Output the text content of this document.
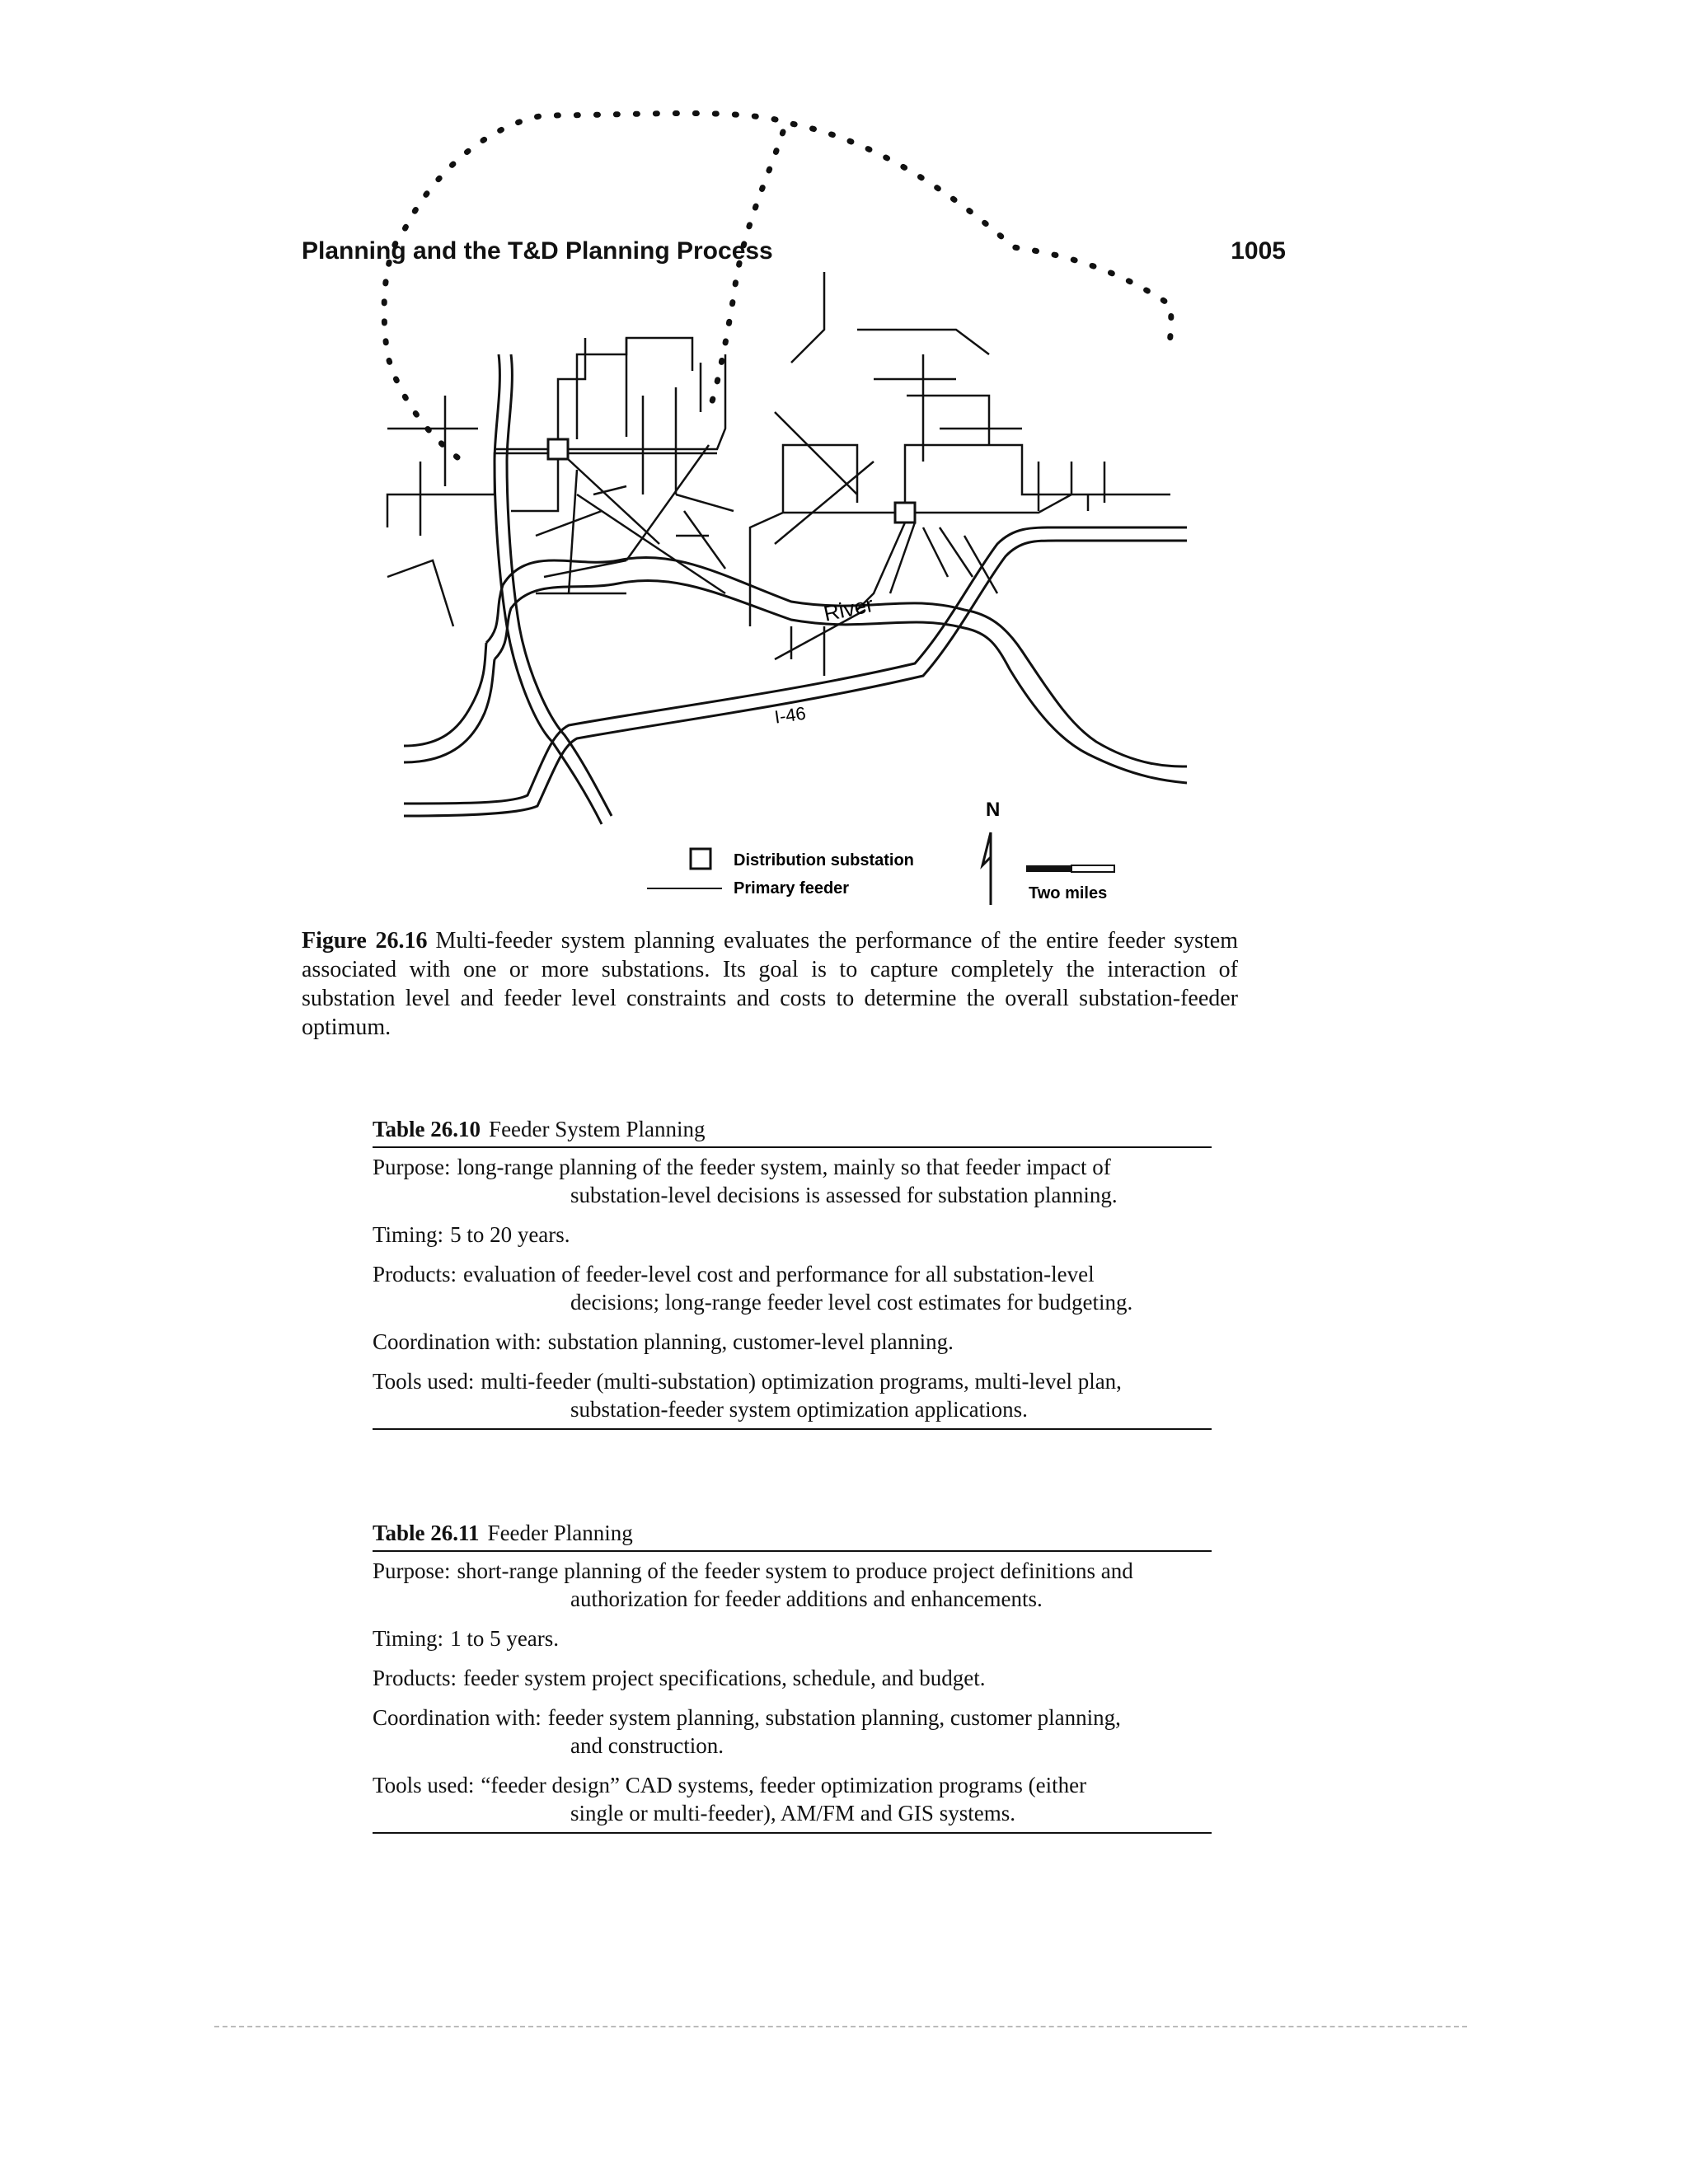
Planning and the T&D Planning Process	1005
River
I-46
N
Distribution substation
Primary feeder	Two miles
Figure 26.16 Multi-feeder system planning evaluates the performance of the entire feeder system associated with one or more substations. Its goal is to capture completely the interaction of substation level and feeder level constraints and costs to determine the overall substation-feeder optimum.
Table 26.10 Feeder System Planning
Purpose: long-range planning of the feeder system, mainly so that feeder impact of
substation-level decisions is assessed for substation planning.
Timing: 5 to 20 years.
Products: evaluation of feeder-level cost and performance for all substation-level
decisions; long-range feeder level cost estimates for budgeting.
Coordination with: substation planning, customer-level planning.
Tools used: multi-feeder (multi-substation) optimization programs, multi-level plan,
substation-feeder system optimization applications.
Table 26.11 Feeder Planning
Purpose: short-range planning of the feeder system to produce project definitions and
authorization for feeder additions and enhancements.
Timing: 1 to 5 years.
Products: feeder system project specifications, schedule, and budget.
Coordination with: feeder system planning, substation planning, customer planning,
and construction.
Tools used: “feeder design” CAD systems, feeder optimization programs (either
single or multi-feeder), AM/FM and GIS systems.
